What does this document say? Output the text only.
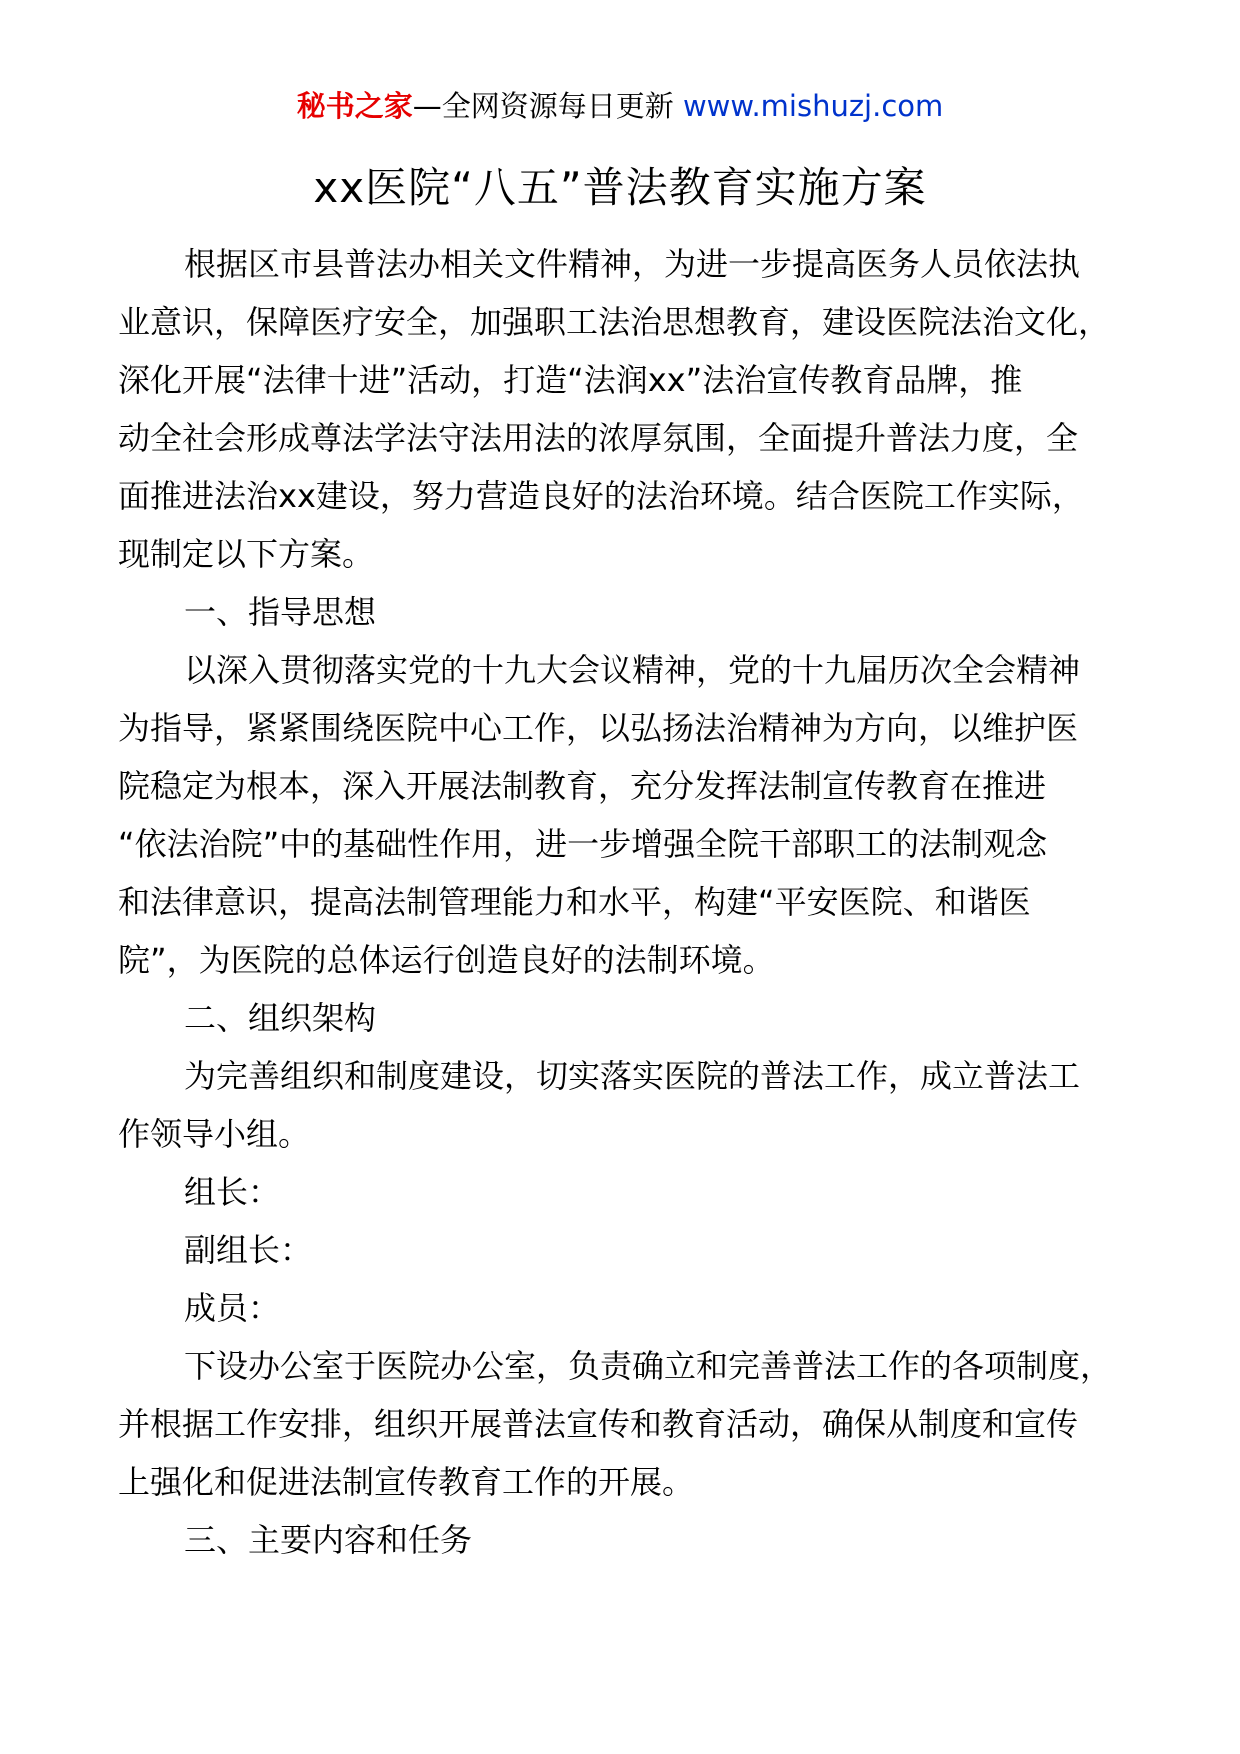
秘书之家—全网资源每日更新 www.mishuzj.com
xx医院“八五”普法教育实施方案
根据区市县普法办相关文件精神，为进一步提高医务人员依法执
业意识，保障医疗安全，加强职工法治思想教育，建设医院法治文化，
深化开展“法律十进”活动，打造“法润xx”法治宣传教育品牌，推
动全社会形成尊法学法守法用法的浓厚氛围，全面提升普法力度，全
面推进法治xx建设，努力营造良好的法治环境。结合医院工作实际，
现制定以下方案。
一、指导思想
以深入贯彻落实党的十九大会议精神，党的十九届历次全会精神
为指导，紧紧围绕医院中心工作，以弘扬法治精神为方向，以维护医
院稳定为根本，深入开展法制教育，充分发挥法制宣传教育在推进
“依法治院”中的基础性作用，进一步增强全院干部职工的法制观念
和法律意识，提高法制管理能力和水平，构建“平安医院、和谐医
院”，为医院的总体运行创造良好的法制环境。
二、组织架构
为完善组织和制度建设，切实落实医院的普法工作，成立普法工
作领导小组。
组长：
副组长：
成员：
下设办公室于医院办公室，负责确立和完善普法工作的各项制度，
并根据工作安排，组织开展普法宣传和教育活动，确保从制度和宣传
上强化和促进法制宣传教育工作的开展。
三、主要内容和任务
